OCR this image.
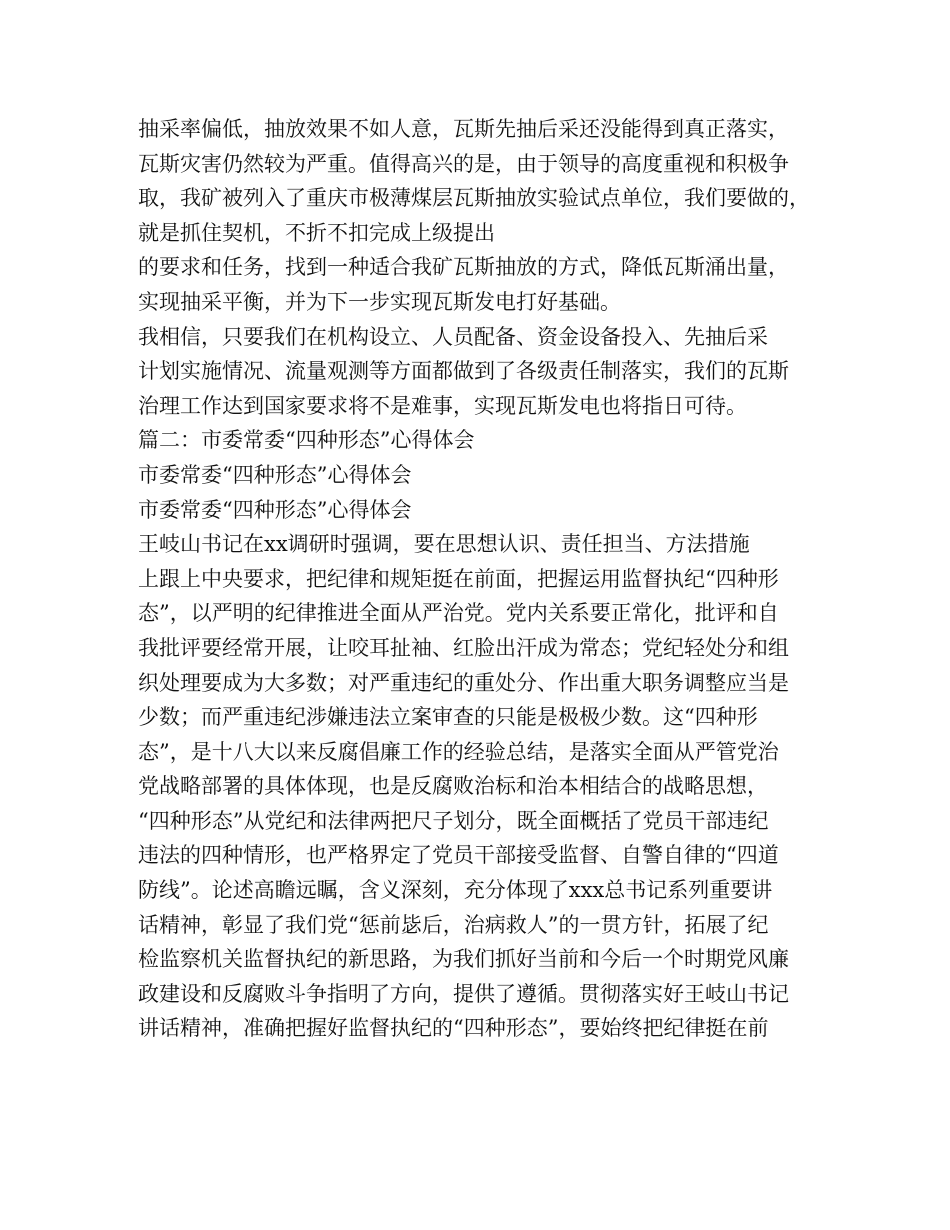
抽采率偏低，抽放效果不如人意，瓦斯先抽后采还没能得到真正落实，
瓦斯灾害仍然较为严重。值得高兴的是，由于领导的高度重视和积极争
取，我矿被列入了重庆市极薄煤层瓦斯抽放实验试点单位，我们要做的，
就是抓住契机，不折不扣完成上级提出
的要求和任务，找到一种适合我矿瓦斯抽放的方式，降低瓦斯涌出量，
实现抽采平衡，并为下一步实现瓦斯发电打好基础。
我相信，只要我们在机构设立、人员配备、资金设备投入、先抽后采
计划实施情况、流量观测等方面都做到了各级责任制落实，我们的瓦斯
治理工作达到国家要求将不是难事，实现瓦斯发电也将指日可待。
篇二：市委常委“四种形态”心得体会
市委常委“四种形态”心得体会
市委常委“四种形态”心得体会
王岐山书记在xx调研时强调，要在思想认识、责任担当、方法措施
上跟上中央要求，把纪律和规矩挺在前面，把握运用监督执纪“四种形
态”，以严明的纪律推进全面从严治党。党内关系要正常化，批评和自
我批评要经常开展，让咬耳扯袖、红脸出汗成为常态；党纪轻处分和组
织处理要成为大多数；对严重违纪的重处分、作出重大职务调整应当是
少数；而严重违纪涉嫌违法立案审查的只能是极极少数。这“四种形
态”，是十八大以来反腐倡廉工作的经验总结，是落实全面从严管党治
党战略部署的具体体现，也是反腐败治标和治本相结合的战略思想，
“四种形态”从党纪和法律两把尺子划分，既全面概括了党员干部违纪
违法的四种情形，也严格界定了党员干部接受监督、自警自律的“四道
防线”。论述高瞻远瞩，含义深刻，充分体现了xxx总书记系列重要讲
话精神，彰显了我们党“惩前毖后，治病救人”的一贯方针，拓展了纪
检监察机关监督执纪的新思路，为我们抓好当前和今后一个时期党风廉
政建设和反腐败斗争指明了方向，提供了遵循。贯彻落实好王岐山书记
讲话精神，准确把握好监督执纪的“四种形态”，要始终把纪律挺在前
